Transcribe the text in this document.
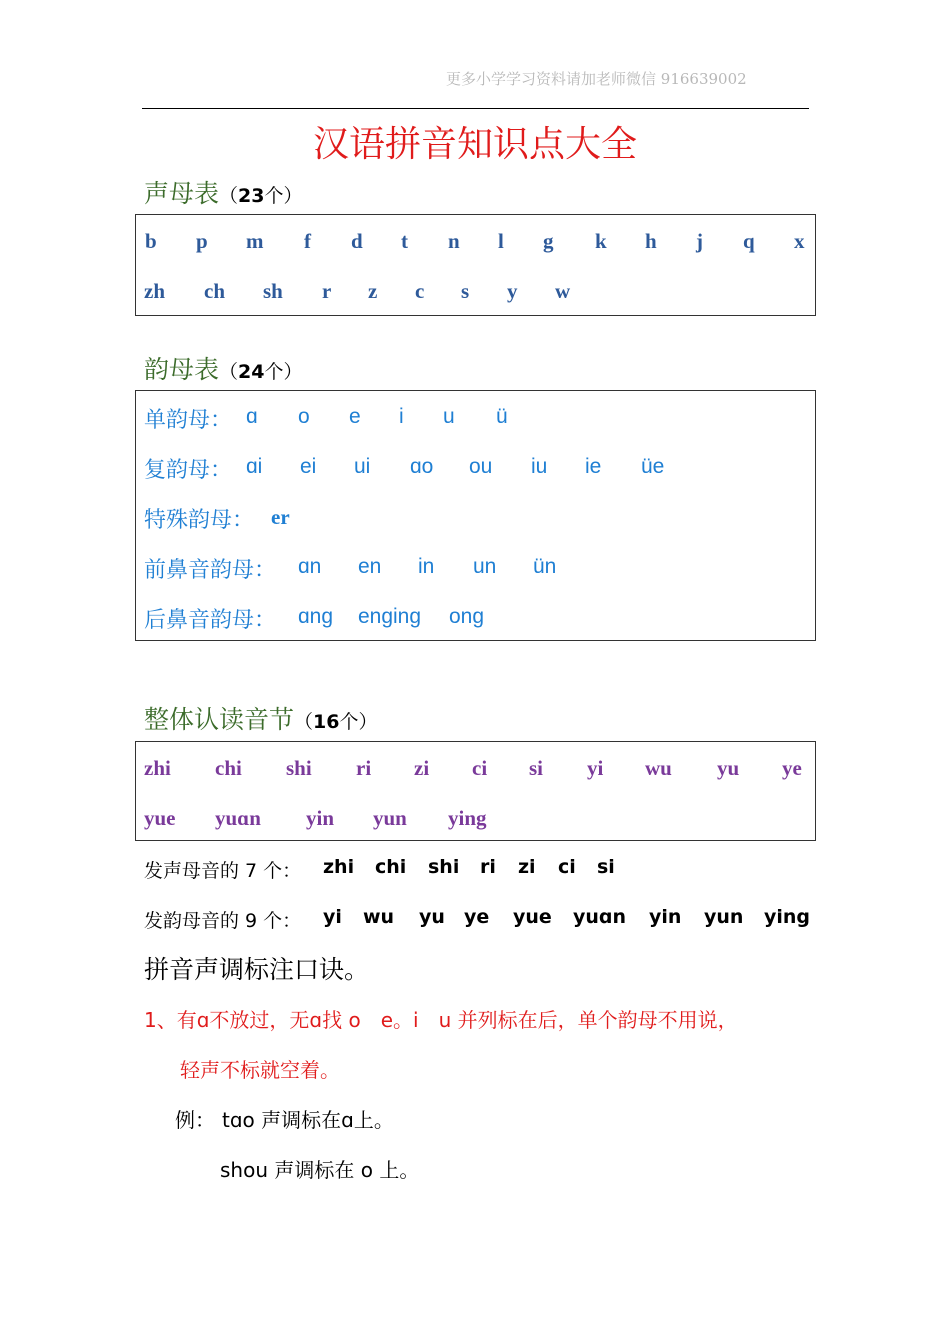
更多小学学习资料请加老师微信 916639002
汉语拼音知识点大全
声母表（23个）
b p m f d t n l g k h j q x
zh ch sh r z c s y w
韵母表（24个）
单韵母： ɑ o e i u ü
复韵母： ɑi ei ui ɑo ou iu ie üe
特殊韵母： er
前鼻音韵母： ɑn en in un ün
后鼻音韵母： ɑng eng ing ong
整体认读音节（16个）
zhi chi shi ri zi ci si yi wu yu ye
yue yuɑn yin yun ying
发声母音的 7 个： zhi chi shi ri zi ci si
发韵母音的 9 个： yi wu yu ye yue yuɑn yin yun ying
拼音声调标注口诀。
1、有ɑ不放过，无ɑ找 o　e。i　u 并列标在后，单个韵母不用说，
轻声不标就空着。
例： tɑo 声调标在ɑ上。
shou 声调标在 o 上。
